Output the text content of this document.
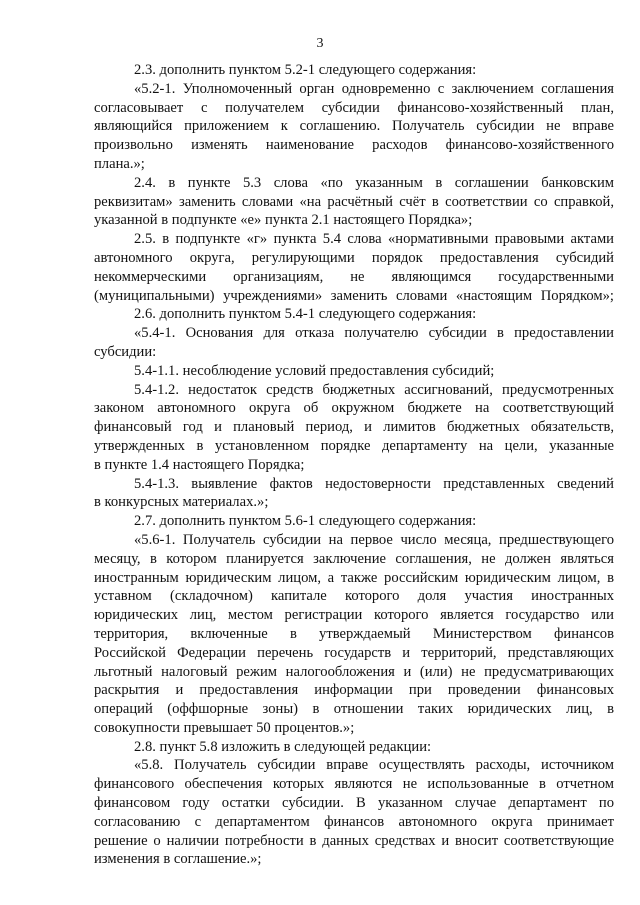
3
2.3. дополнить пунктом 5.2-1 следующего содержания:
«5.2-1. Уполномоченный орган одновременно с заключением соглашения
согласовывает с получателем субсидии финансово-хозяйственный план,
являющийся приложением к соглашению. Получатель субсидии не вправе
произвольно изменять наименование расходов финансово-хозяйственного
плана.»;
2.4. в пункте 5.3 слова «по указанным в соглашении банковским
реквизитам» заменить словами «на расчётный счёт в соответствии со справкой,
указанной в подпункте «е» пункта 2.1 настоящего Порядка»;
2.5. в подпункте «г» пункта 5.4 слова «нормативными правовыми актами
автономного округа, регулирующими порядок предоставления субсидий
некоммерческими организациям, не являющимся государственными
(муниципальными) учреждениями» заменить словами «настоящим Порядком»;
2.6. дополнить пунктом 5.4-1 следующего содержания:
«5.4-1. Основания для отказа получателю субсидии в предоставлении
субсидии:
5.4-1.1. несоблюдение условий предоставления субсидий;
5.4-1.2. недостаток средств бюджетных ассигнований, предусмотренных
законом автономного округа об окружном бюджете на соответствующий
финансовый год и плановый период, и лимитов бюджетных обязательств,
утвержденных в установленном порядке департаменту на цели, указанные
в пункте 1.4 настоящего Порядка;
5.4-1.3. выявление фактов недостоверности представленных сведений
в конкурсных материалах.»;
2.7. дополнить пунктом 5.6-1 следующего содержания:
«5.6-1. Получатель субсидии на первое число месяца, предшествующего
месяцу, в котором планируется заключение соглашения, не должен являться
иностранным юридическим лицом, а также российским юридическим лицом, в
уставном (складочном) капитале которого доля участия иностранных
юридических лиц, местом регистрации которого является государство или
территория, включенные в утверждаемый Министерством финансов
Российской Федерации перечень государств и территорий, представляющих
льготный налоговый режим налогообложения и (или) не предусматривающих
раскрытия и предоставления информации при проведении финансовых
операций (оффшорные зоны) в отношении таких юридических лиц, в
совокупности превышает 50 процентов.»;
2.8. пункт 5.8 изложить в следующей редакции:
«5.8. Получатель субсидии вправе осуществлять расходы, источником
финансового обеспечения которых являются не использованные в отчетном
финансовом году остатки субсидии. В указанном случае департамент по
согласованию с департаментом финансов автономного округа принимает
решение о наличии потребности в данных средствах и вносит соответствующие
изменения в соглашение.»;
